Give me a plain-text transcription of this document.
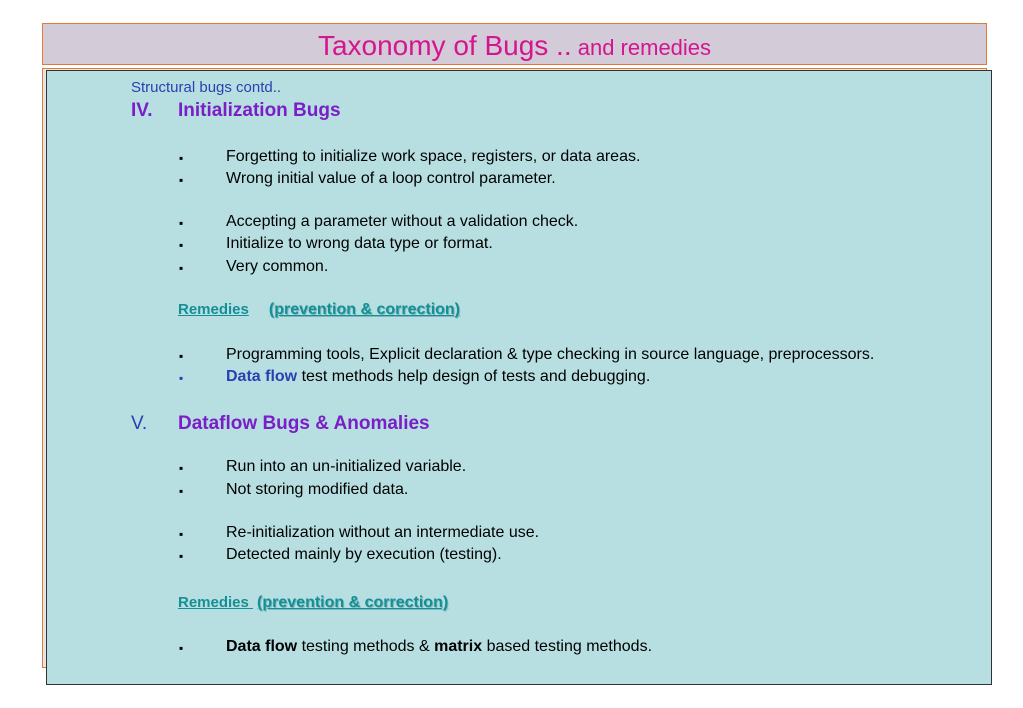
Taxonomy of Bugs .. and remedies
Structural bugs contd..
IV. Initialization Bugs
▪	Forgetting to initialize work space, registers, or data areas.
▪	Wrong initial value of a loop control parameter.
▪	Accepting a parameter without a validation check.
▪	Initialize to wrong data type or format.
▪	Very common.
Remedies (prevention & correction)
▪	Programming tools, Explicit declaration & type checking in source language, preprocessors.
▪	Data flow test methods help design of tests and debugging.
V. Dataflow Bugs & Anomalies
▪	Run into an un-initialized variable.
▪	Not storing modified data.
▪	Re-initialization without an intermediate use.
▪	Detected mainly by execution (testing).
Remedies (prevention & correction)
▪	Data flow testing methods & matrix based testing methods.
